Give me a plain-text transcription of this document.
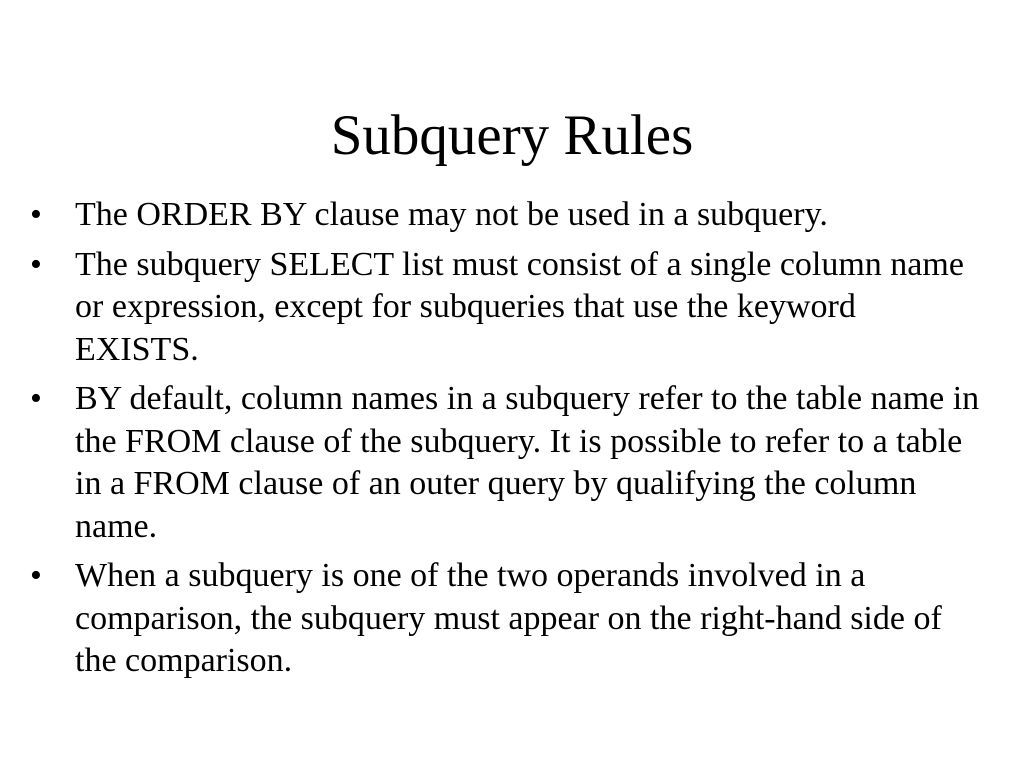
Subquery Rules
• The ORDER BY clause may not be used in a subquery.
• The subquery SELECT list must consist of a single column name or expression, except for subqueries that use the keyword EXISTS.
• BY default, column names in a subquery refer to the table name in the FROM clause of the subquery. It is possible to refer to a table in a FROM clause of an outer query by qualifying the column name.
• When a subquery is one of the two operands involved in a comparison, the subquery must appear on the right-hand side of the comparison.
